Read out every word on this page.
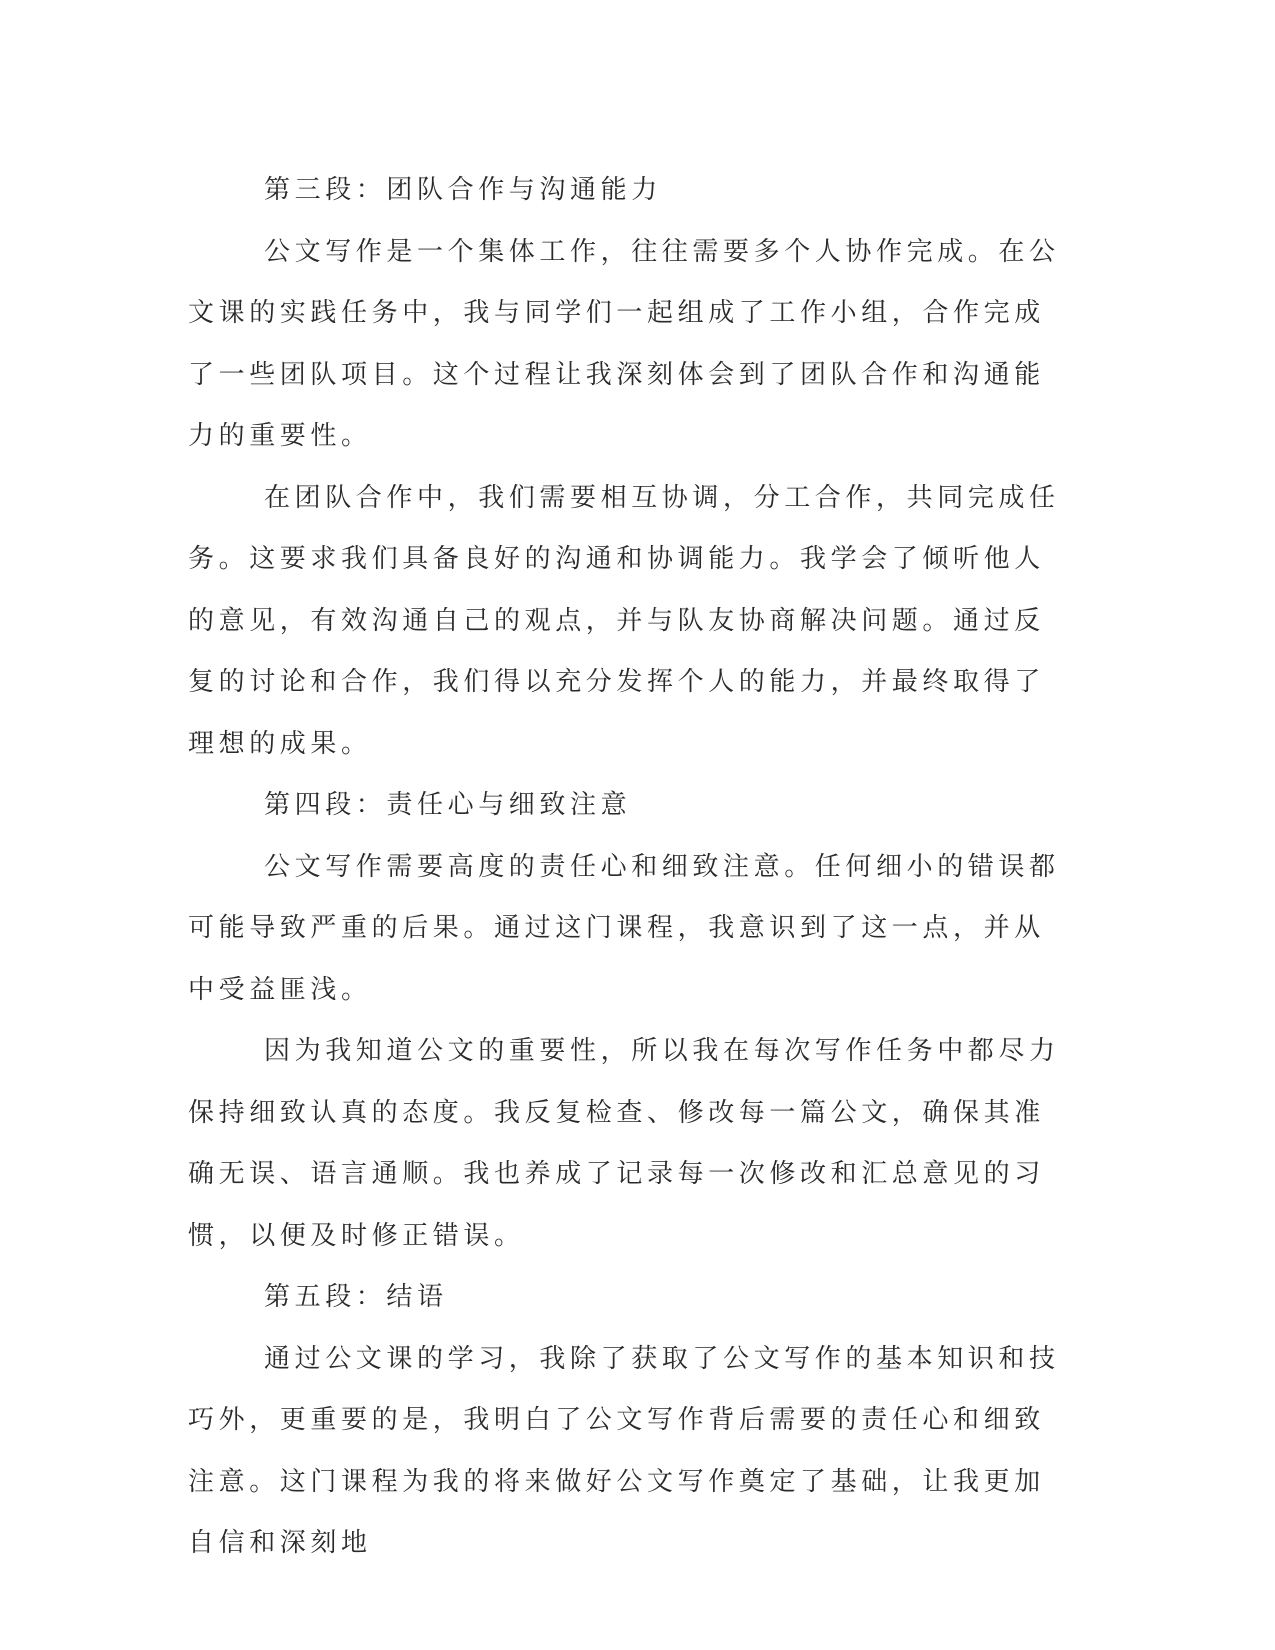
第三段：团队合作与沟通能力

公文写作是一个集体工作，往往需要多个人协作完成。在公文课的实践任务中，我与同学们一起组成了工作小组，合作完成了一些团队项目。这个过程让我深刻体会到了团队合作和沟通能力的重要性。

在团队合作中，我们需要相互协调，分工合作，共同完成任务。这要求我们具备良好的沟通和协调能力。我学会了倾听他人的意见，有效沟通自己的观点，并与队友协商解决问题。通过反复的讨论和合作，我们得以充分发挥个人的能力，并最终取得了理想的成果。

第四段：责任心与细致注意

公文写作需要高度的责任心和细致注意。任何细小的错误都可能导致严重的后果。通过这门课程，我意识到了这一点，并从中受益匪浅。

因为我知道公文的重要性，所以我在每次写作任务中都尽力保持细致认真的态度。我反复检查、修改每一篇公文，确保其准确无误、语言通顺。我也养成了记录每一次修改和汇总意见的习惯，以便及时修正错误。

第五段：结语

通过公文课的学习，我除了获取了公文写作的基本知识和技巧外，更重要的是，我明白了公文写作背后需要的责任心和细致注意。这门课程为我的将来做好公文写作奠定了基础，让我更加自信和深刻地
